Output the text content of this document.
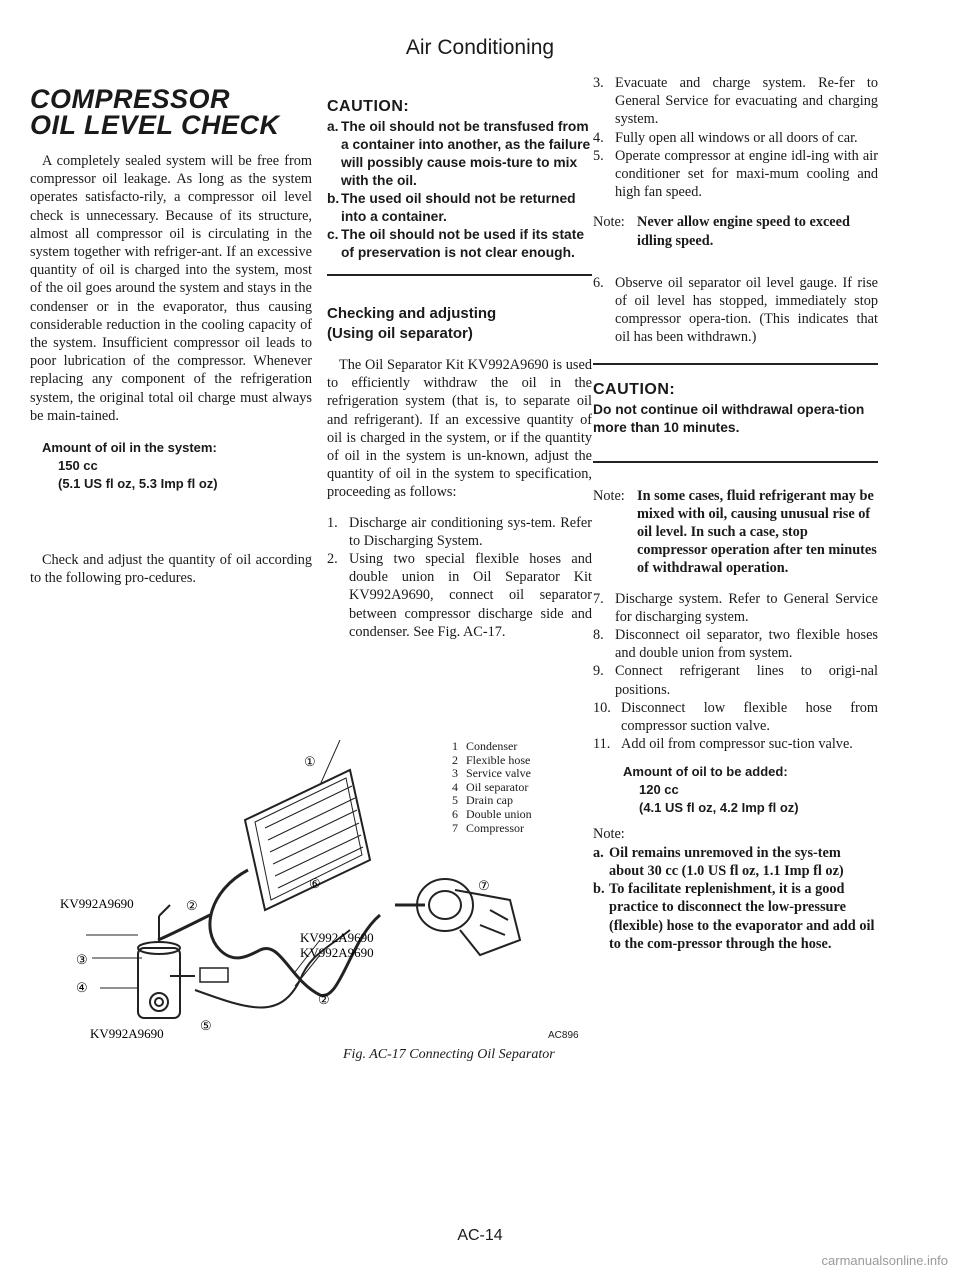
Air Conditioning
COMPRESSOR
OIL LEVEL CHECK

A completely sealed system will be free from compressor oil leakage. As long as the system operates satisfacto-rily, a compressor oil level check is unnecessary. Because of its structure, almost all compressor oil is circulating in the system together with refriger-ant. If an excessive quantity of oil is charged into the system, most of the oil goes around the system and stays in the condenser or in the evaporator, thus causing considerable reduction in the cooling capacity of the system. Insufficient compressor oil leads to poor lubrication of the compressor. Whenever replacing any component of the refrigeration system, the original total oil charge must always be main-tained.

Amount of oil in the system:
150 cc
(5.1 US fl oz, 5.3 Imp fl oz)

Check and adjust the quantity of oil according to the following pro-cedures.

CAUTION:
a. The oil should not be transfused from a container into another, as the failure will possibly cause mois-ture to mix with the oil.
b. The used oil should not be returned into a container.
c. The oil should not be used if its state of preservation is not clear enough.
Checking and adjusting
(Using oil separator)

The Oil Separator Kit KV992A9690 is used to efficiently withdraw the oil in the refrigeration system (that is, to separate oil and refrigerant). If an excessive quantity of oil is charged in the system, or if the quantity of oil in the system is un-known, adjust the quantity of oil in the system to specification, proceeding as follows:

1. Discharge air conditioning sys-tem. Refer to Discharging System.
2. Using two special flexible hoses and double union in Oil Separator Kit KV992A9690, connect oil separator between compressor discharge side and condenser. See Fig. AC-17.
1 Condenser
2 Flexible hose
3 Service valve
4 Oil separator
5 Drain cap
6 Double union
7 Compressor
①
②
③
④
⑤
⑥	⑦
②
KV992A9690
KV992A9690
KV992A9690
KV992A9690	AC896
Fig. AC-17 Connecting Oil Separator
3. Evacuate and charge system. Re-fer to General Service for evacuating and charging system.
4. Fully open all windows or all doors of car.
5. Operate compressor at engine idl-ing with air conditioner set for maxi-mum cooling and high fan speed.
Note: Never allow engine speed to exceed idling speed.
6. Observe oil separator oil level gauge. If rise of oil level has stopped, immediately stop compressor opera-tion. (This indicates that oil has been withdrawn.)
CAUTION:
Do not continue oil withdrawal opera-tion more than 10 minutes.
Note: In some cases, fluid refrigerant may be mixed with oil, causing unusual rise of oil level. In such a case, stop compressor operation after ten minutes of withdrawal operation.
7. Discharge system. Refer to General Service for discharging system.
8. Disconnect oil separator, two flexible hoses and double union from system.
9. Connect refrigerant lines to origi-nal positions.
10. Disconnect low flexible hose from compressor suction valve.
11. Add oil from compressor suc-tion valve.
Amount of oil to be added:
120 cc
(4.1 US fl oz, 4.2 Imp fl oz)
Note:
a. Oil remains unremoved in the sys-tem about 30 cc (1.0 US fl oz, 1.1 Imp fl oz)
b. To facilitate replenishment, it is a good practice to disconnect the low-pressure (flexible) hose to the evaporator and add oil to the com-pressor through the hose.
AC-14
carmanualsonline.info
